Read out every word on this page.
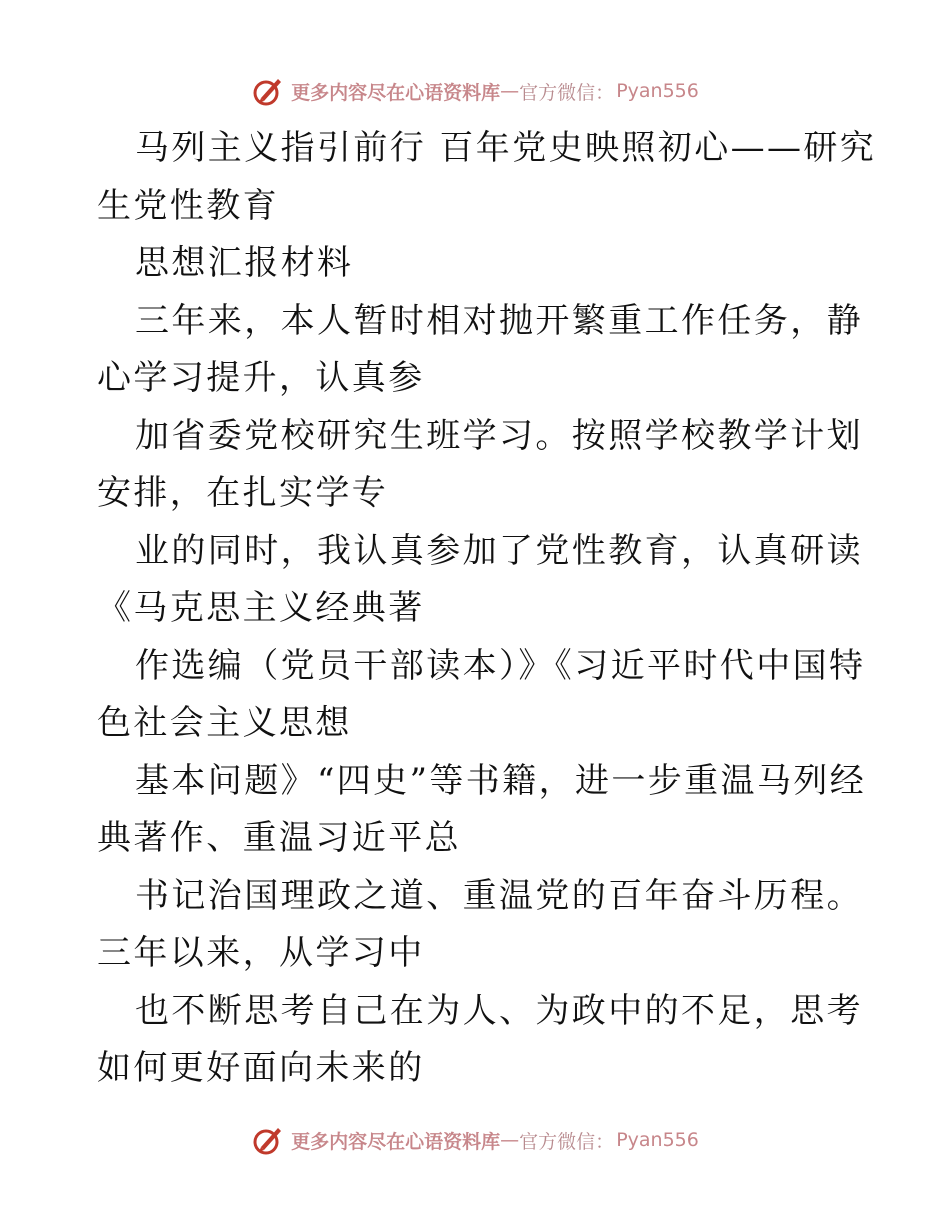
更多内容尽在心语资料库 — 官方微信： Pyan556

马列主义指引前行 百年党史映照初心——研究生党性教育

思想汇报材料

三年来，本人暂时相对抛开繁重工作任务，静心学习提升，认真参

加省委党校研究生班学习。按照学校教学计划安排，在扎实学专

业的同时，我认真参加了党性教育，认真研读《马克思主义经典著

作选编（党员干部读本）》《习近平时代中国特色社会主义思想

基本问题》“四史”等书籍，进一步重温马列经典著作、重温习近平总

书记治国理政之道、重温党的百年奋斗历程。三年以来，从学习中

也不断思考自己在为人、为政中的不足，思考如何更好面向未来的

更多内容尽在心语资料库 — 官方微信： Pyan556
